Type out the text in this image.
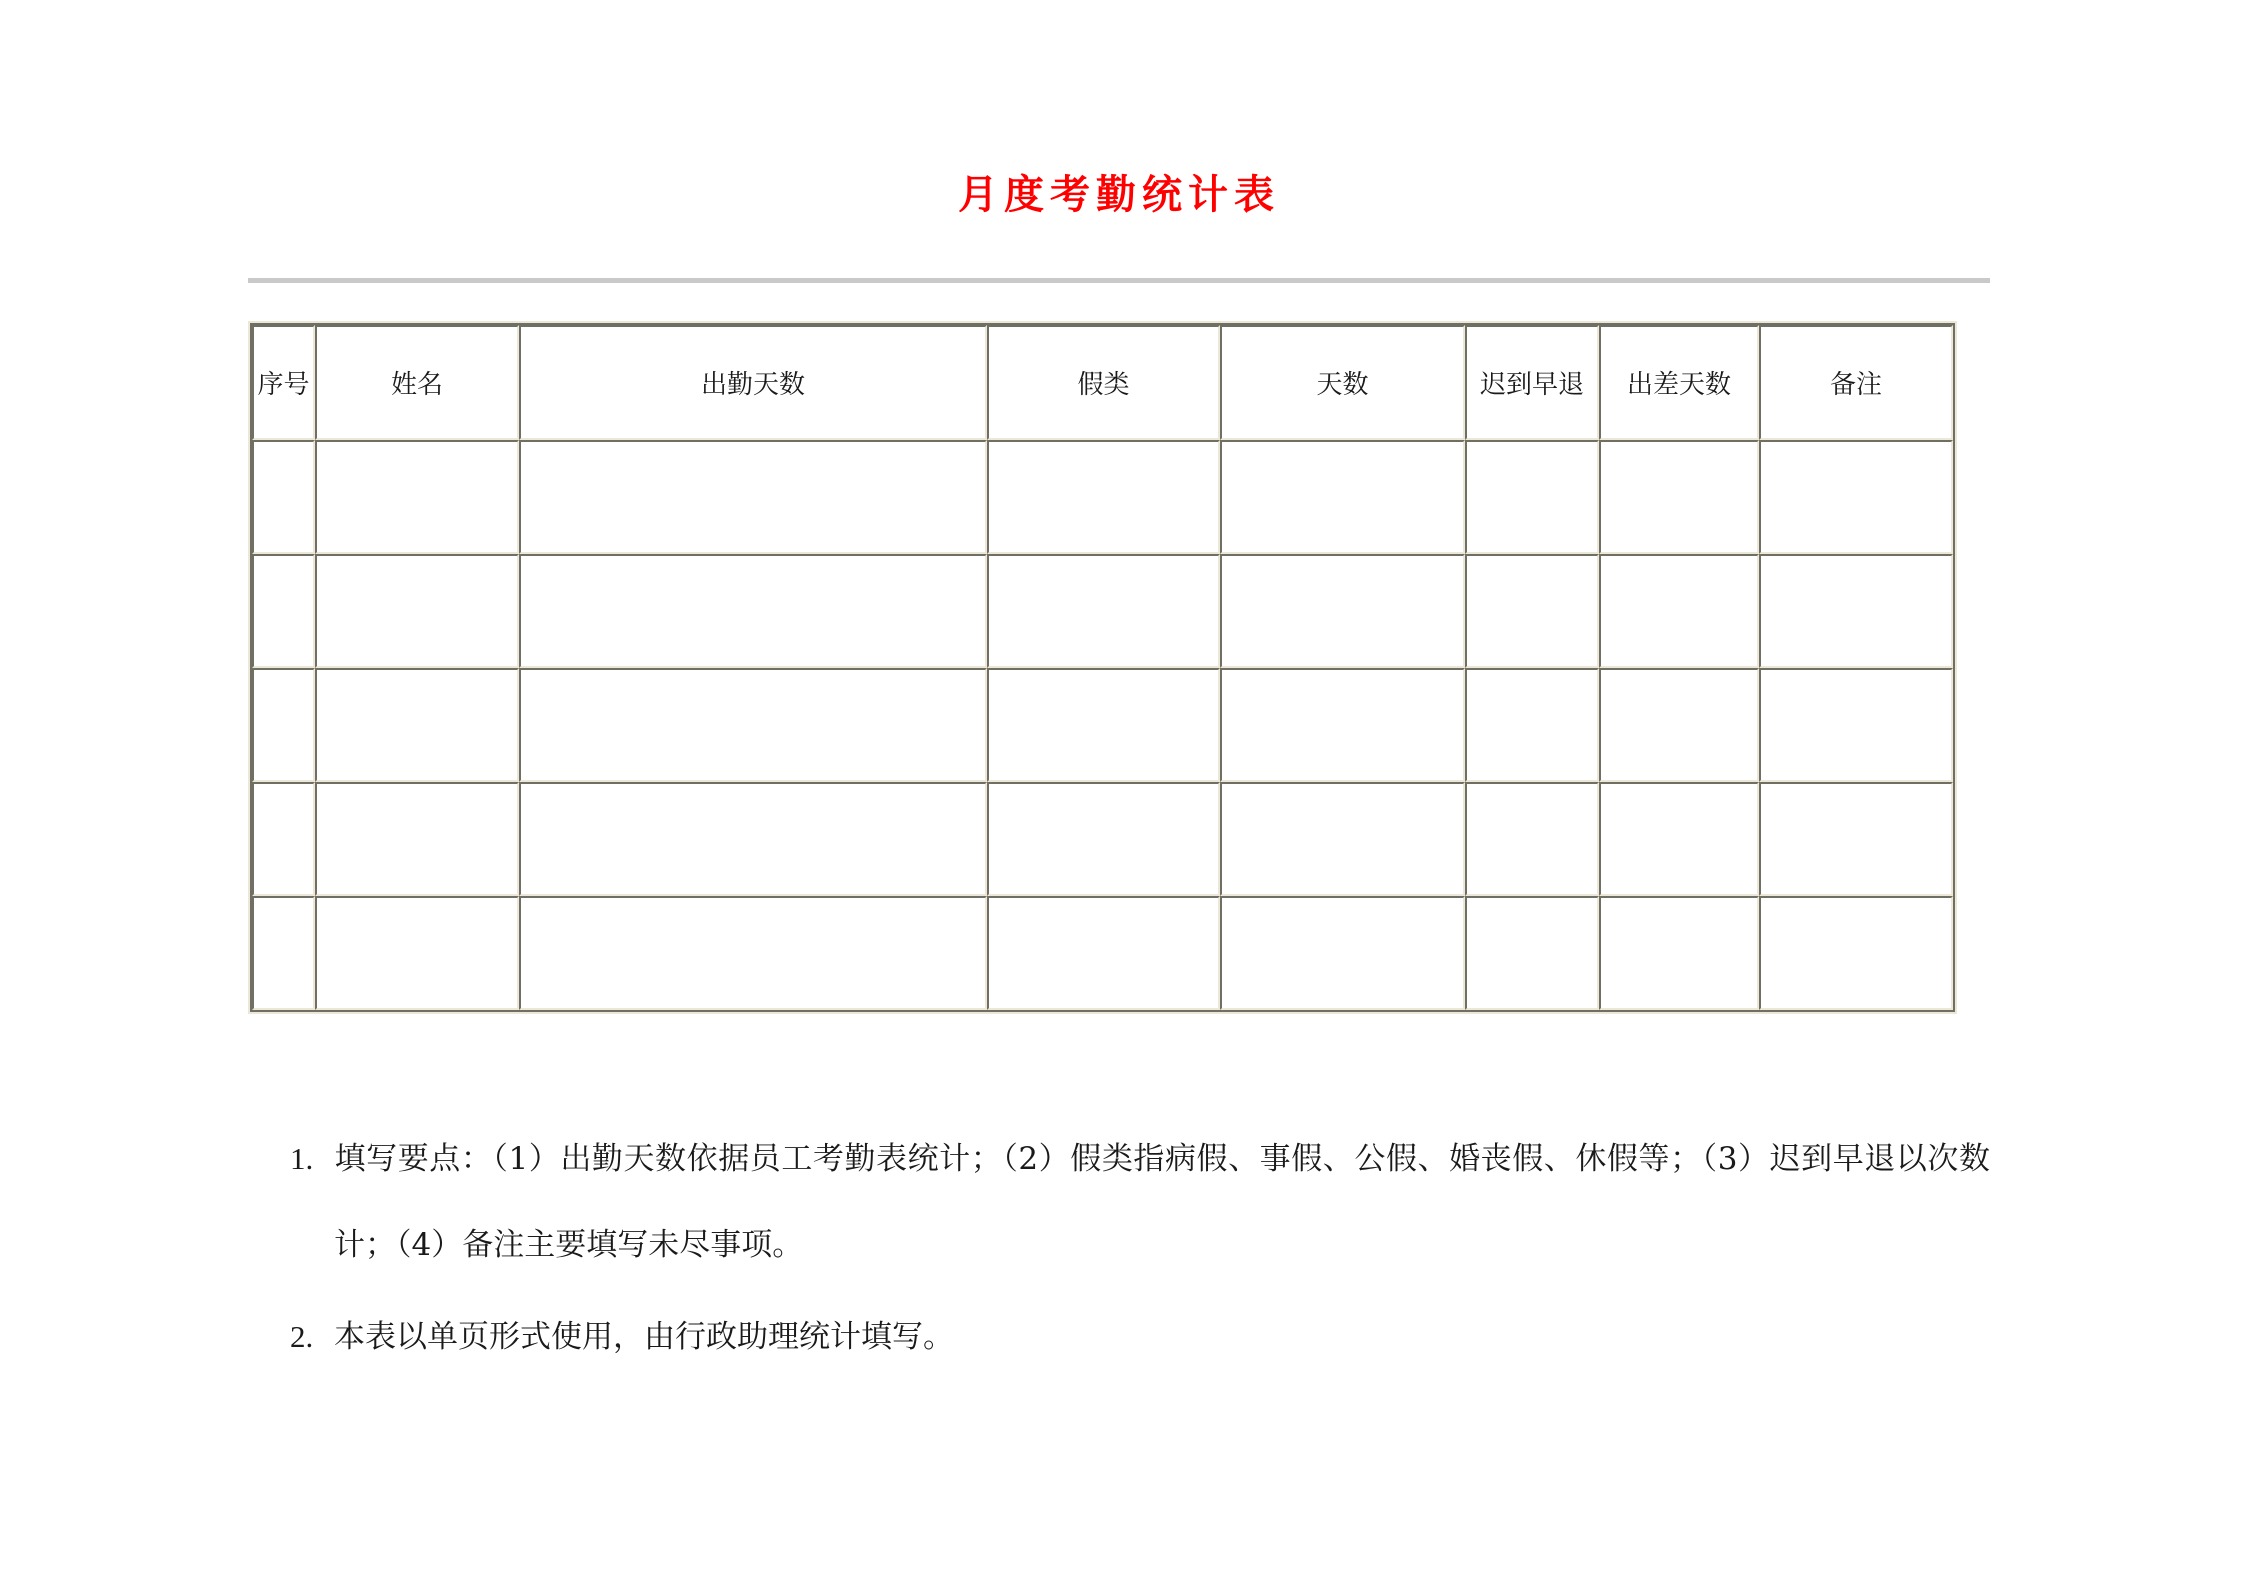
月度考勤统计表
序号	姓名	出勤天数	假类	天数	迟到早退	出差天数	备注

1. 填写要点：（1）出勤天数依据员工考勤表统计；（2）假类指病假、事假、公假、婚丧假、休假等；（3）迟到早退以次数计；（4）备注主要填写未尽事项。
2. 本表以单页形式使用，由行政助理统计填写。
